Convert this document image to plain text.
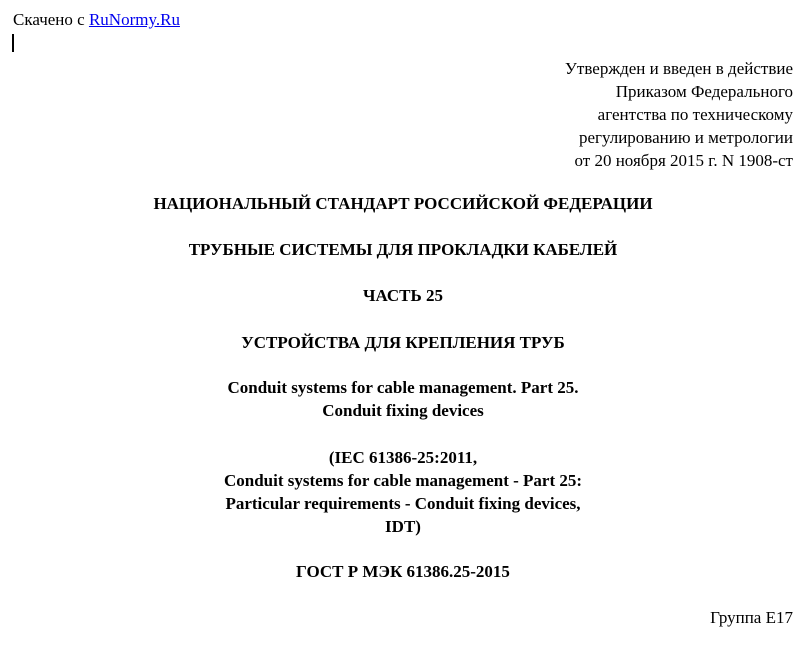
Скачено с RuNormy.Ru
Утвержден и введен в действие
Приказом Федерального
агентства по техническому
регулированию и метрологии
от 20 ноября 2015 г. N 1908-ст
НАЦИОНАЛЬНЫЙ СТАНДАРТ РОССИЙСКОЙ ФЕДЕРАЦИИ
ТРУБНЫЕ СИСТЕМЫ ДЛЯ ПРОКЛАДКИ КАБЕЛЕЙ
ЧАСТЬ 25
УСТРОЙСТВА ДЛЯ КРЕПЛЕНИЯ ТРУБ
Conduit systems for cable management. Part 25.
Conduit fixing devices
(IEC 61386-25:2011,
Conduit systems for cable management - Part 25:
Particular requirements - Conduit fixing devices,
IDT)
ГОСТ Р МЭК 61386.25-2015
Группа Е17
